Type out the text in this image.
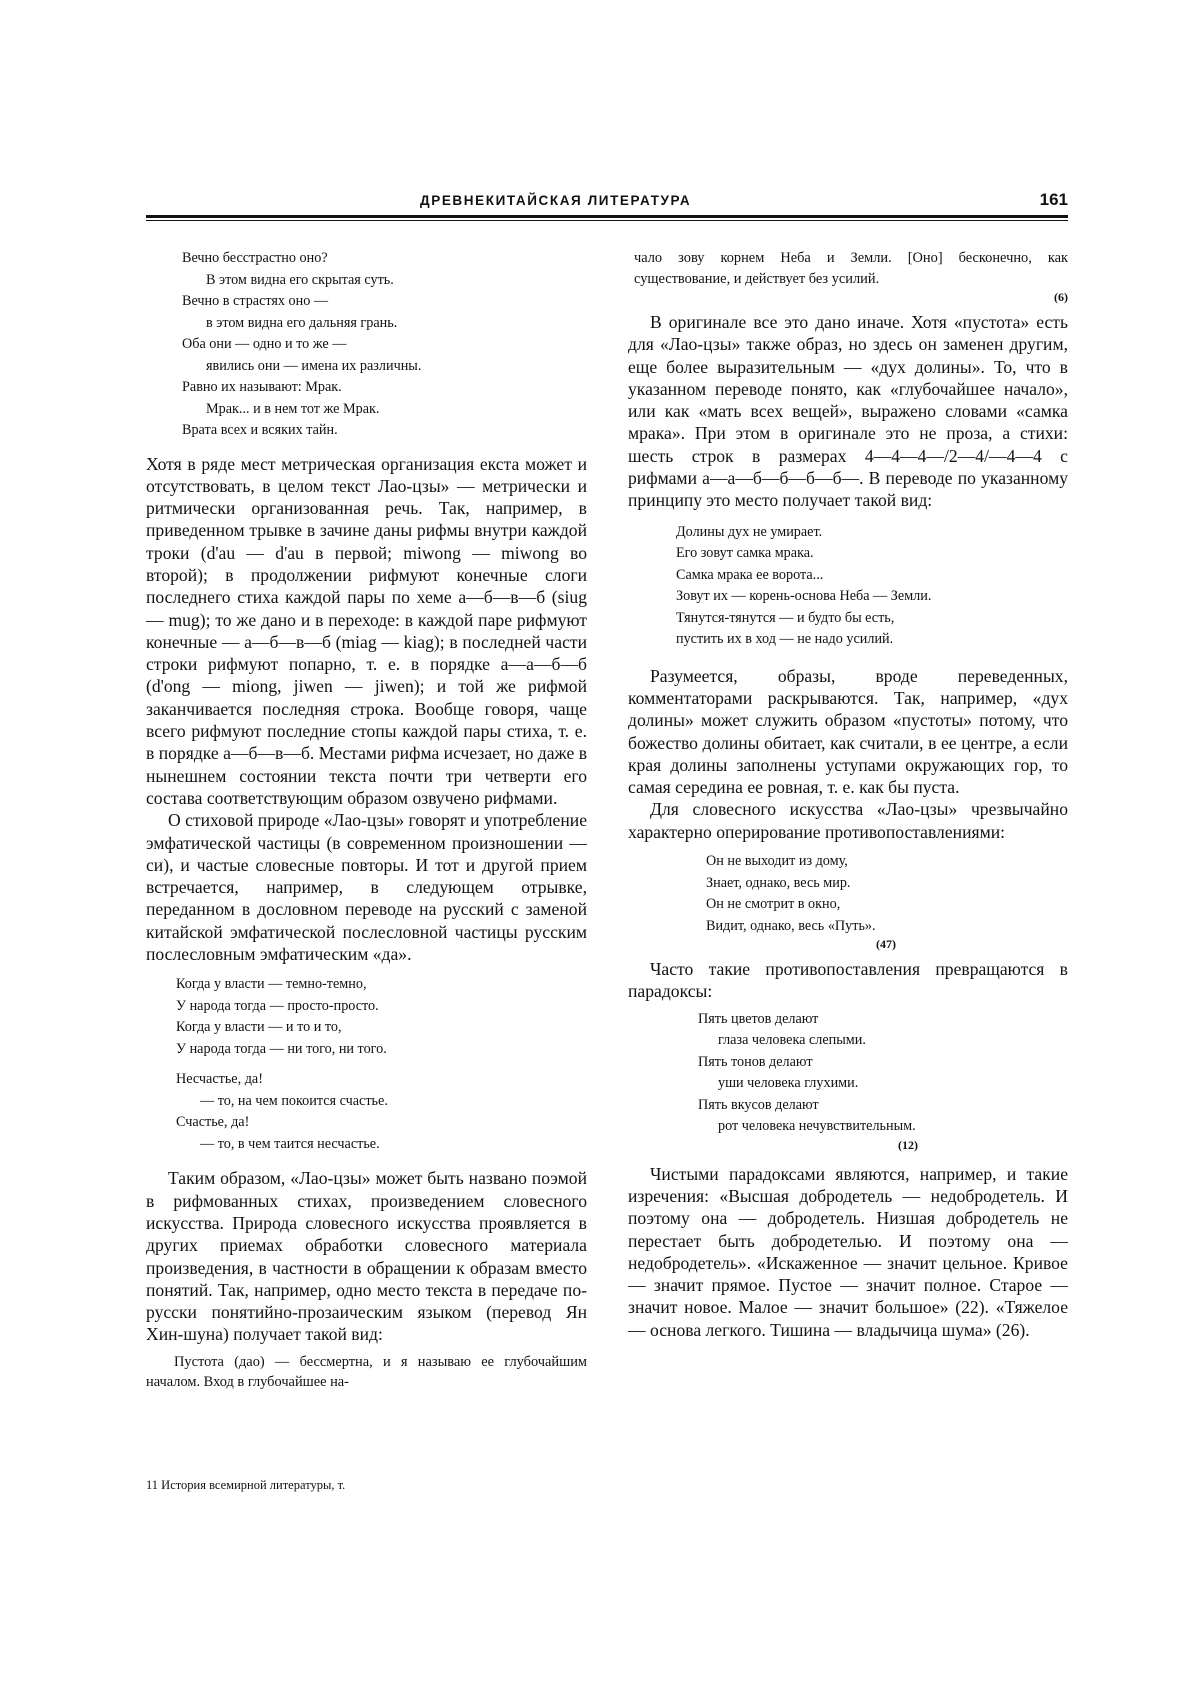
ДРЕВНЕКИТАЙСКАЯ ЛИТЕРАТУРА	161
Вечно бесстрастно оно?
В этом видна его скрытая суть.
Вечно в страстях оно —
в этом видна его дальняя грань.
Оба они — одно и то же —
явились они — имена их различны.
Равно их называют: Мрак.
Мрак... и в нем тот же Мрак.
Врата всех и всяких тайн.

Хотя в ряде мест метрическая организация екста может и отсутствовать, в целом текст Лао-цзы» — метрически и ритмически организованная речь. Так, например, в приведенном трывке в зачине даны рифмы внутри каждой троки (d'au — d'au в первой; miwong — miwong во второй); в продолжении рифмуют конечные слоги последнего стиха каждой пары по хеме а—б—в—б (siug — mug); то же дано и в переходе: в каждой паре рифмуют конечные — а—б—в—б (miag — kiag); в последней части строки рифмуют попарно, т. е. в порядке а—а—б—б (d'ong — miong, jiwen — jiwen); и той же рифмой заканчивается последняя строка. Вообще говоря, чаще всего рифмуют последние стопы каждой пары стиха, т. е. в порядке а—б—в—б. Местами рифма исчезает, но даже в нынешнем состоянии текста почти три четверти его состава соответствующим образом озвучено рифмами.

О стиховой природе «Лао-цзы» говорят и употребление эмфатической частицы (в современном произношении — си), и частые словесные повторы. И тот и другой прием встречается, например, в следующем отрывке, переданном в дословном переводе на русский с заменой китайской эмфатической послесловной частицы русским послесловным эмфатическим «да».

Когда у власти — темно-темно,
У народа тогда — просто-просто.
Когда у власти — и то и то,
У народа тогда — ни того, ни того.
Несчастье, да!
— то, на чем покоится счастье.
Счастье, да!
— то, в чем таится несчастье.

Таким образом, «Лао-цзы» может быть названо поэмой в рифмованных стихах, произведением словесного искусства. Природа словесного искусства проявляется в других приемах обработки словесного материала произведения, в частности в обращении к образам вместо понятий. Так, например, одно место текста в передаче по-русски понятийно-прозаическим языком (перевод Ян Хин-шуна) получает такой вид:

Пустота (дао) — бессмертна, и я называю ее глубочайшим началом. Вход в глубочайшее на-

чало зову корнем Неба и Земли. [Оно] бесконечно, как существование, и действует без усилий.

(6)

В оригинале все это дано иначе. Хотя «пустота» есть для «Лао-цзы» также образ, но здесь он заменен другим, еще более выразительным — «дух долины». То, что в указанном переводе понято, как «глубочайшее начало», или как «мать всех вещей», выражено словами «самка мрака». При этом в оригинале это не проза, а стихи: шесть строк в размерах 4—4—4—/2—4/—4—4 с рифмами а—а—б—б—б—б—. В переводе по указанному принципу это место получает такой вид:

Долины дух не умирает.
Его зовут самка мрака.
Самка мрака ее ворота...
Зовут их — корень-основа Неба — Земли.
Тянутся-тянутся — и будто бы есть,
пустить их в ход — не надо усилий.

Разумеется, образы, вроде переведенных, комментаторами раскрываются. Так, например, «дух долины» может служить образом «пустоты» потому, что божество долины обитает, как считали, в ее центре, а если края долины заполнены уступами окружающих гор, то самая середина ее ровная, т. е. как бы пуста.

Для словесного искусства «Лао-цзы» чрезвычайно характерно оперирование противопоставлениями:

Он не выходит из дому,
Знает, однако, весь мир.
Он не смотрит в окно,
Видит, однако, весь «Путь».
(47)

Часто такие противопоставления превращаются в парадоксы:

Пять цветов делают
глаза человека слепыми.
Пять тонов делают
уши человека глухими.
Пять вкусов делают
рот человека нечувствительным.
(12)

Чистыми парадоксами являются, например, и такие изречения: «Высшая добродетель — недобродетель. И поэтому она — добродетель. Низшая добродетель не перестает быть добродетелью. И поэтому она — недобродетель». «Искаженное — значит цельное. Кривое — значит прямое. Пустое — значит полное. Старое — значит новое. Малое — значит большое» (22). «Тяжелое — основа легкого. Тишина — владычица шума» (26).

11 История всемирной литературы, т.
